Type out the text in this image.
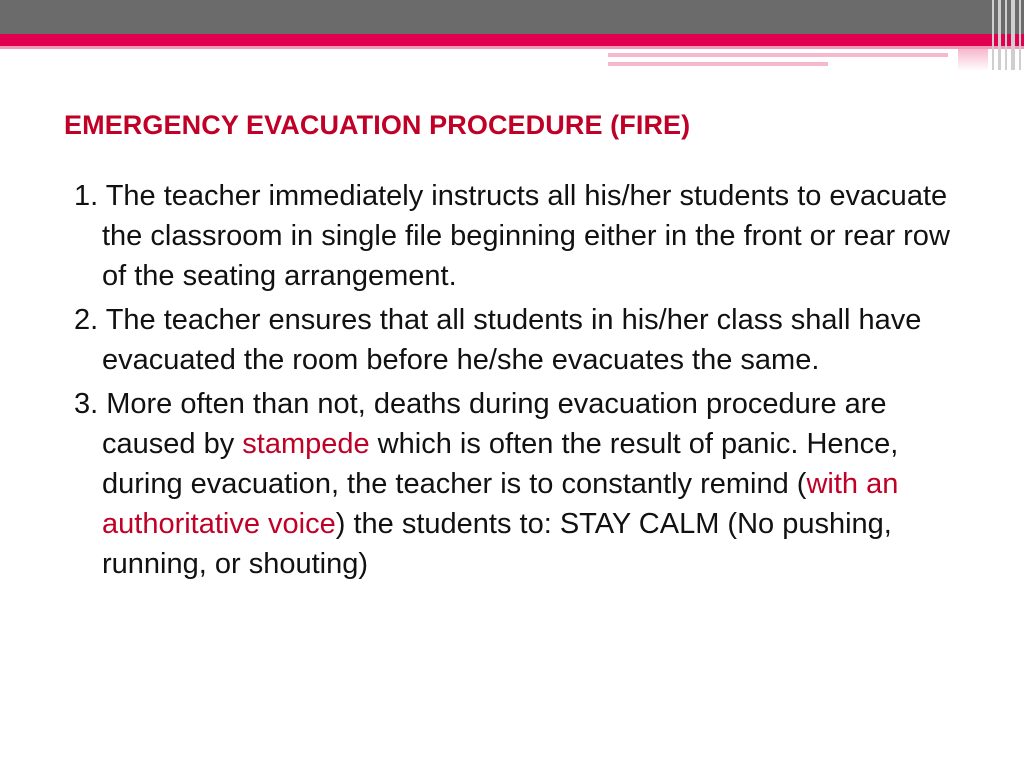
EMERGENCY EVACUATION PROCEDURE (FIRE)
1. The teacher immediately instructs all his/her students to evacuate the classroom in single file beginning either in the front or rear row of the seating arrangement.
2. The teacher ensures that all students in his/her class shall have evacuated the room before he/she evacuates the same.
3. More often than not, deaths during evacuation procedure are caused by stampede which is often the result of panic. Hence, during evacuation, the teacher is to constantly remind (with an authoritative voice) the students to: STAY CALM (No pushing, running, or shouting)
